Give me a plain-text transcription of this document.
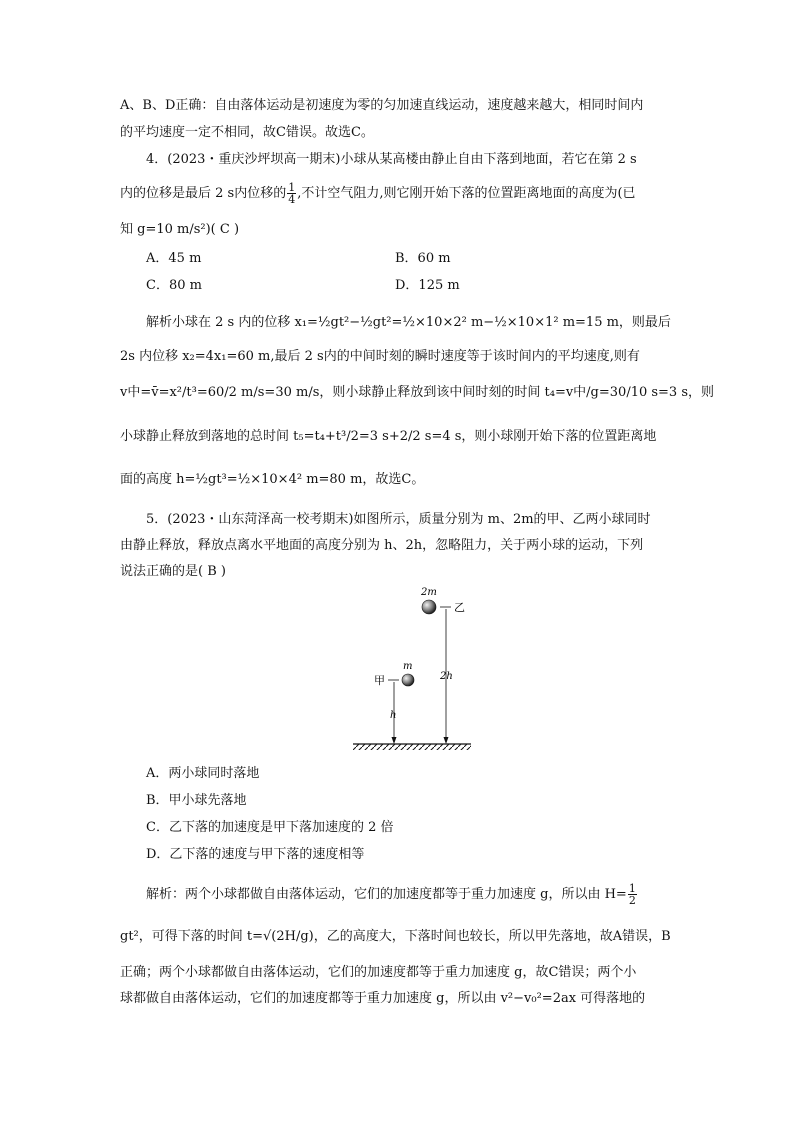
A、B、D正确：自由落体运动是初速度为零的匀加速直线运动，速度越来越大，相同时间内
的平均速度一定不相同，故C错误。故选C。
4．(2023・重庆沙坪坝高一期末)小球从某高楼由静止自由下落到地面，若它在第 2 s
内的位移是最后 2 s内位移的 $\frac{1}{4}$ ,不计空气阻力,则它刚开始下落的位置距离地面的高度为(已
知 g=10 m/s²)( C )
A．45 m	B．60 m
C．80 m	D．125 m
解析小球在 2 s 内的位移 x₁=½gt²−½gt²=½×10×2² m−½×10×1² m=15 m，则最后
2s 内位移 x₂=4x₁=60 m,最后 2 s内的中间时刻的瞬时速度等于该时间内的平均速度,则有
v中=v̄=x²/t³=60/2 m/s=30 m/s，则小球静止释放到该中间时刻的时间 t₄=v中/g=30/10 s=3 s，则
小球静止释放到落地的总时间 t₅=t₄+t³/2=3 s+2/2 s=4 s，则小球刚开始下落的位置距离地
面的高度 h=½gt³=½×10×4² m=80 m，故选C。
5．(2023・山东菏泽高一校考期末)如图所示，质量分别为 m、2m的甲、乙两小球同时
由静止释放，释放点离水平地面的高度分别为 h、2h，忽略阻力，关于两小球的运动，下列
说法正确的是( B )
2m
乙
2h
m
甲
h
A．两小球同时落地
B．甲小球先落地
C．乙下落的加速度是甲下落加速度的 2 倍
D．乙下落的速度与甲下落的速度相等
解析：两个小球都做自由落体运动，它们的加速度都等于重力加速度 g，所以由 $H= \frac{1}{2}$
gt²，可得下落的时间 t=√(2H/g)，乙的高度大，下落时间也较长，所以甲先落地，故A错误，B
正确；两个小球都做自由落体运动，它们的加速度都等于重力加速度 g，故C错误；两个小
球都做自由落体运动，它们的加速度都等于重力加速度 g，所以由 v²−v₀²=2ax 可得落地的
